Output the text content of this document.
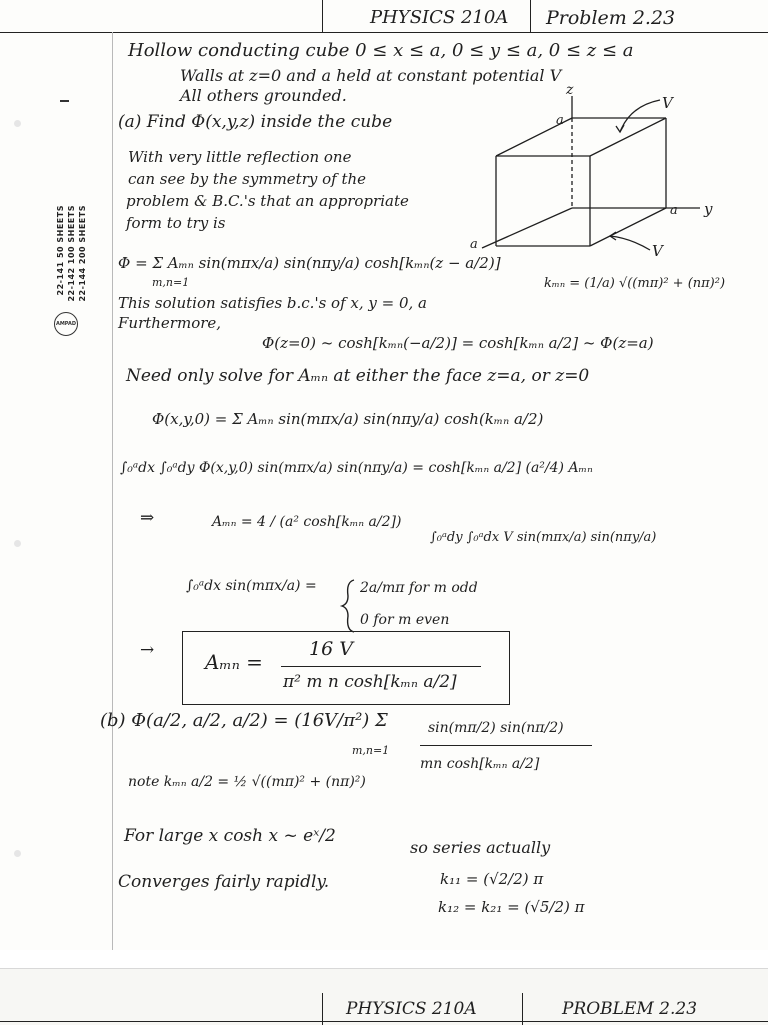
PHYSICS 210A Problem 2.23
22-141 50 SHEETS 22-142 100 SHEETS 22-144 200 SHEETS
AMPAD
Hollow conducting cube 0 ≤ x ≤ a, 0 ≤ y ≤ a, 0 ≤ z ≤ a
Walls at z=0 and a held at constant potential V
All others grounded.
(a) Find Φ(x,y,z) inside the cube
With very little reflection one
can see by the symmetry of the
problem & B.C.'s that an appropriate
form to try is
z
a
y
a
a
V
V
Φ = Σ Aₘₙ sin(mπx/a) sin(nπy/a) cosh[kₘₙ(z − a/2)]
m,n=1	kₘₙ = (1/a) √((mπ)² + (nπ)²)
This solution satisfies b.c.'s of x, y = 0, a
Furthermore,
Φ(z=0) ~ cosh[kₘₙ(−a/2)] = cosh[kₘₙ a/2] ~ Φ(z=a)
Need only solve for Aₘₙ at either the face z=a, or z=0
Φ(x,y,0) = Σ Aₘₙ sin(mπx/a) sin(nπy/a) cosh(kₘₙ a/2)
∫₀ᵃdx ∫₀ᵃdy Φ(x,y,0) sin(mπx/a) sin(nπy/a) = cosh[kₘₙ a/2] (a²/4) Aₘₙ
⇒	Aₘₙ = 4 / (a² cosh[kₘₙ a/2])
∫₀ᵃdy ∫₀ᵃdx V sin(mπx/a) sin(nπy/a)
∫₀ᵃdx sin(mπx/a) =	2a/mπ for m odd
0 for m even
→	Aₘₙ =
16 V
π² m n cosh[kₘₙ a/2]
(b) Φ(a/2, a/2, a/2) = (16V/π²) Σ
m,n=1
sin(mπ/2) sin(nπ/2)
mn cosh[kₘₙ a/2]
note kₘₙ a/2 = ½ √((mπ)² + (nπ)²)
For large x cosh x ~ eˣ/2
so series actually
Converges fairly rapidly.	k₁₁ = (√2/2) π
k₁₂ = k₂₁ = (√5/2) π
PHYSICS 210A	PROBLEM 2.23
